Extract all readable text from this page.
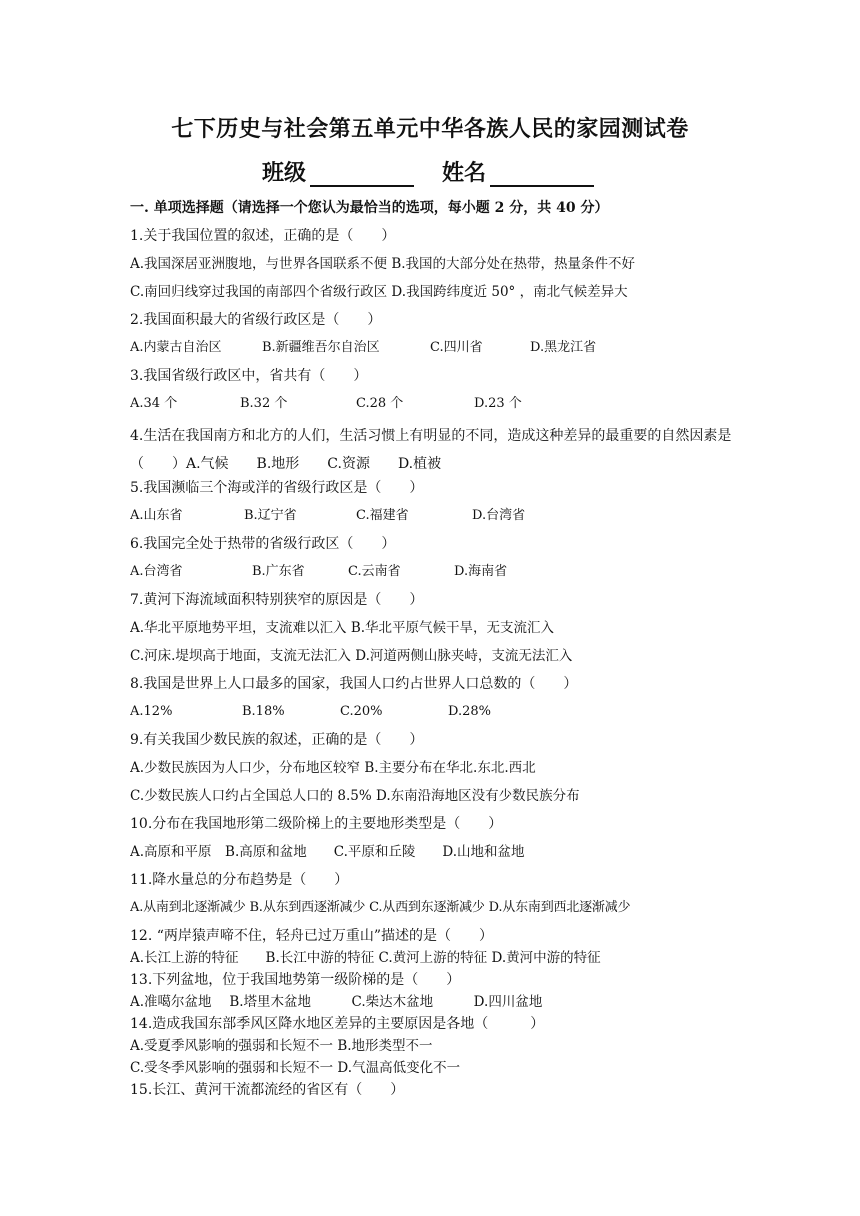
七下历史与社会第五单元中华各族人民的家园测试卷
班级	姓名
一. 单项选择题（请选择一个您认为最恰当的选项，每小题 2 分，共 40 分）
1.关于我国位置的叙述，正确的是（　　）
A.我国深居亚洲腹地，与世界各国联系不便 B.我国的大部分处在热带，热量条件不好
C.南回归线穿过我国的南部四个省级行政区 D.我国跨纬度近 50° ，南北气候差异大
2.我国面积最大的省级行政区是（　　）
A.内蒙古自治区	B.新疆维吾尔自治区	C.四川省	D.黑龙江省
3.我国省级行政区中，省共有（　　）
A.34 个	B.32 个	C.28 个	D.23 个
4.生活在我国南方和北方的人们，生活习惯上有明显的不同，造成这种差异的最重要的自然因素是（　　）A.气候　　B.地形　　C.资源　　D.植被
5.我国濒临三个海或洋的省级行政区是（　　）
A.山东省	B.辽宁省	C.福建省	D.台湾省
6.我国完全处于热带的省级行政区（　　）
A.台湾省	B.广东省	C.云南省	D.海南省
7.黄河下海流域面积特别狭窄的原因是（　　）
A.华北平原地势平坦，支流难以汇入 B.华北平原气候干旱，无支流汇入
C.河床.堤坝高于地面，支流无法汇入 D.河道两侧山脉夹峙，支流无法汇入
8.我国是世界上人口最多的国家，我国人口约占世界人口总数的（　　）
A.12%	B.18%	C.20%	D.28%
9.有关我国少数民族的叙述，正确的是（　　）
A.少数民族因为人口少，分布地区较窄 B.主要分布在华北.东北.西北
C.少数民族人口约占全国总人口的 8.5% D.东南沿海地区没有少数民族分布
10.分布在我国地形第二级阶梯上的主要地形类型是（　　）
A.高原和平原　B.高原和盆地　　C.平原和丘陵　　D.山地和盆地
11.降水量总的分布趋势是（　　）
A.从南到北逐渐减少 B.从东到西逐渐减少 C.从西到东逐渐减少 D.从东南到西北逐渐减少
12. “两岸猿声啼不住，轻舟已过万重山”描述的是（　　）
A.长江上游的特征　　B.长江中游的特征 C.黄河上游的特征 D.黄河中游的特征
13.下列盆地，位于我国地势第一级阶梯的是（　　）
A.准噶尔盆地　 B.塔里木盆地　　　C.柴达木盆地　　　D.四川盆地
14.造成我国东部季风区降水地区差异的主要原因是各地（　　　）
A.受夏季风影响的强弱和长短不一 B.地形类型不一
C.受冬季风影响的强弱和长短不一 D.气温高低变化不一
15.长江、黄河干流都流经的省区有（　　）
